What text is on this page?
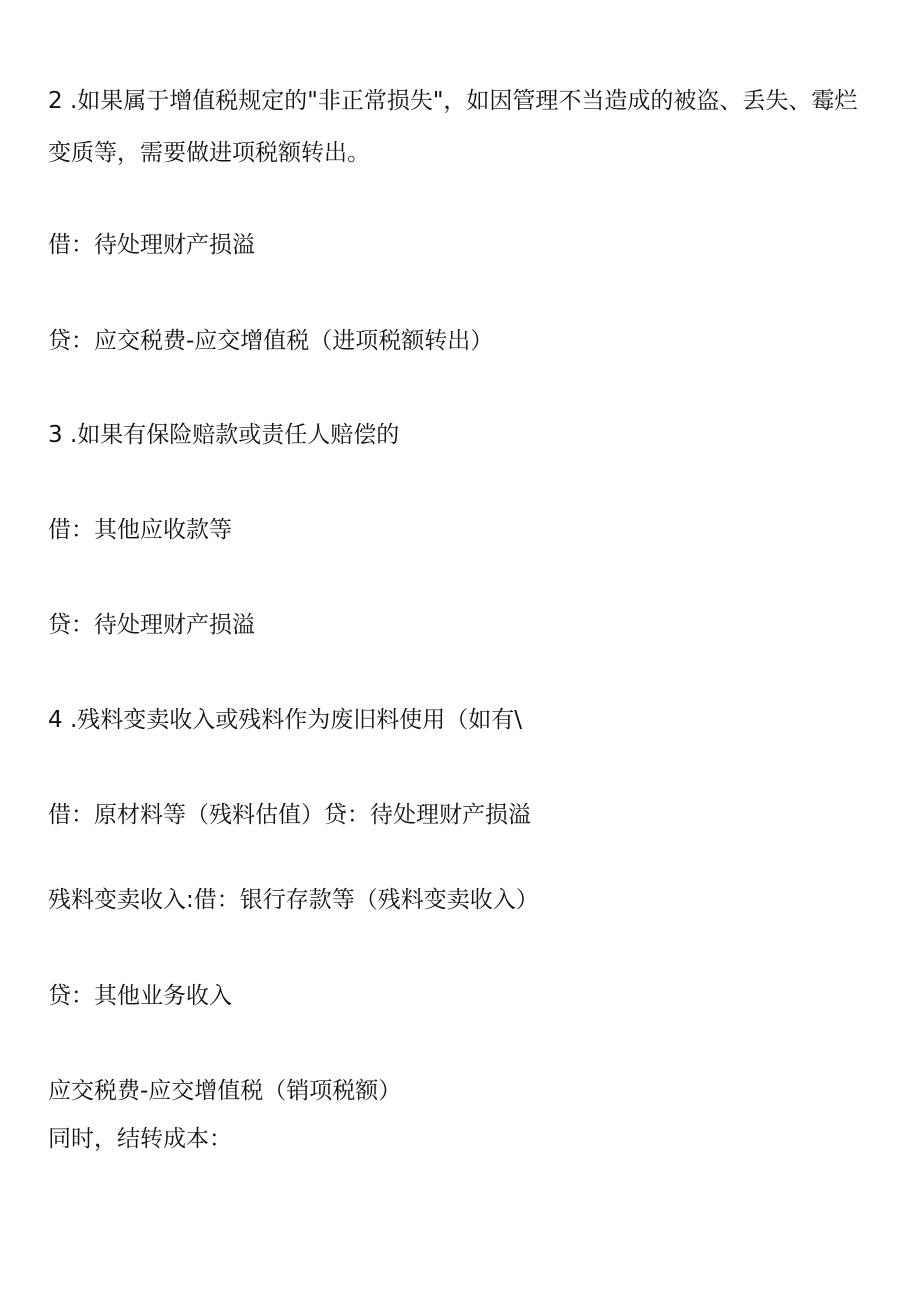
2 .如果属于增值税规定的"非正常损失"，如因管理不当造成的被盗、丢失、霉烂
变质等，需要做进项税额转出。
借：待处理财产损溢
贷：应交税费-应交增值税（进项税额转出）
3 .如果有保险赔款或责任人赔偿的
借：其他应收款等
贷：待处理财产损溢
4 .残料变卖收入或残料作为废旧料使用（如有\
借：原材料等（残料估值）贷：待处理财产损溢
残料变卖收入:借：银行存款等（残料变卖收入）
贷：其他业务收入
应交税费-应交增值税（销项税额）
同时，结转成本：
